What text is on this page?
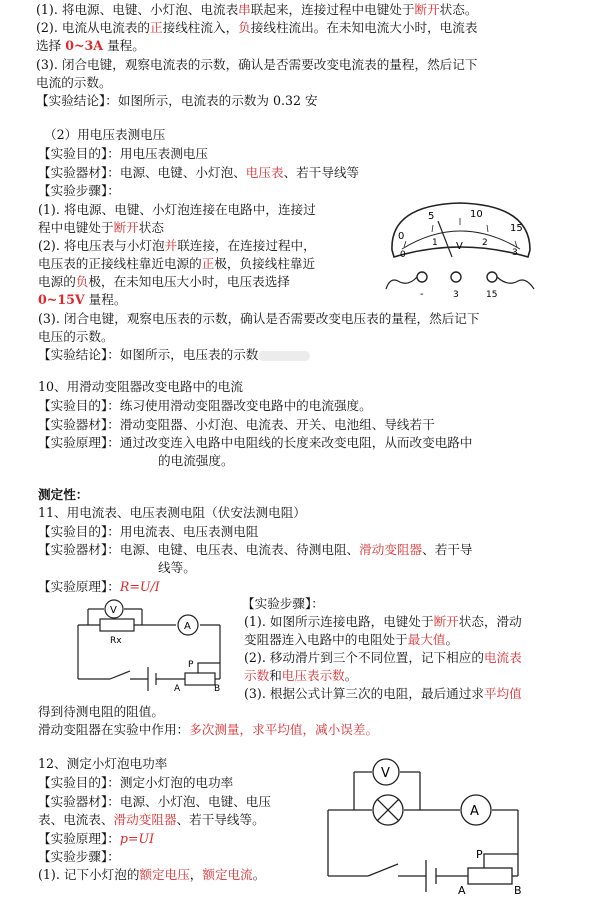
(1). 将电源、电键、小灯泡、电流表串联起来，连接过程中电键处于断开状态。
(2). 电流从电流表的正接线柱流入，负接线柱流出。在未知电流大小时，电流表
选择 0~3A 量程。
(3). 闭合电键，观察电流表的示数，确认是否需要改变电流表的量程，然后记下
电流的示数。
【实验结论】：如图所示，电流表的示数为 0.32 安
（2）用电压表测电压
【实验目的】：用电压表测电压
【实验器材】：电源、电键、小灯泡、电压表、若干导线等
【实验步骤】：
(1). 将电源、电键、小灯泡连接在电路中，连接过
程中电键处于断开状态
(2). 将电压表与小灯泡并联连接，在连接过程中，
电压表的正接线柱靠近电源的正极，负接线柱靠近
电源的负极，在未知电压大小时，电压表选择
0~15V 量程。
(3). 闭合电键，观察电压表的示数，确认是否需要改变电压表的量程，然后记下
电压的示数。
【实验结论】：如图所示，电压表的示数
0
5	10
15
0
1	2
3
V
-	3	15
10、用滑动变阻器改变电路中的电流
【实验目的】：练习使用滑动变阻器改变电路中的电流强度。
【实验器材】：滑动变阻器、小灯泡、电流表、开关、电池组、导线若干
【实验原理】：通过改变连入电路中电阻线的长度来改变电阻，从而改变电路中
的电流强度。
测定性：
11、用电流表、电压表测电阻（伏安法测电阻）
【实验目的】：用电流表、电压表测电阻
【实验器材】：电源、电键、电压表、电流表、待测电阻、滑动变阻器、若干导
线等。
【实验原理】：R=U/I
V
A
Rx
P
A	B
【实验步骤】：
(1). 如图所示连接电路，电键处于断开状态，滑动
变阻器连入电路中的电阻处于最大值。
(2). 移动滑片到三个不同位置，记下相应的电流表
示数和电压表示数。
(3). 根据公式计算三次的电阻，最后通过求平均值
得到待测电阻的阻值。
滑动变阻器在实验中作用：多次测量，求平均值，减小误差。
12、测定小灯泡电功率
【实验目的】：测定小灯泡的电功率
【实验器材】：电源、小灯泡、电键、电压
表、电流表、滑动变阻器、若干导线等。
【实验原理】：p=UI
【实验步骤】：
(1). 记下小灯泡的额定电压，额定电流。
V
A
P
A	B
